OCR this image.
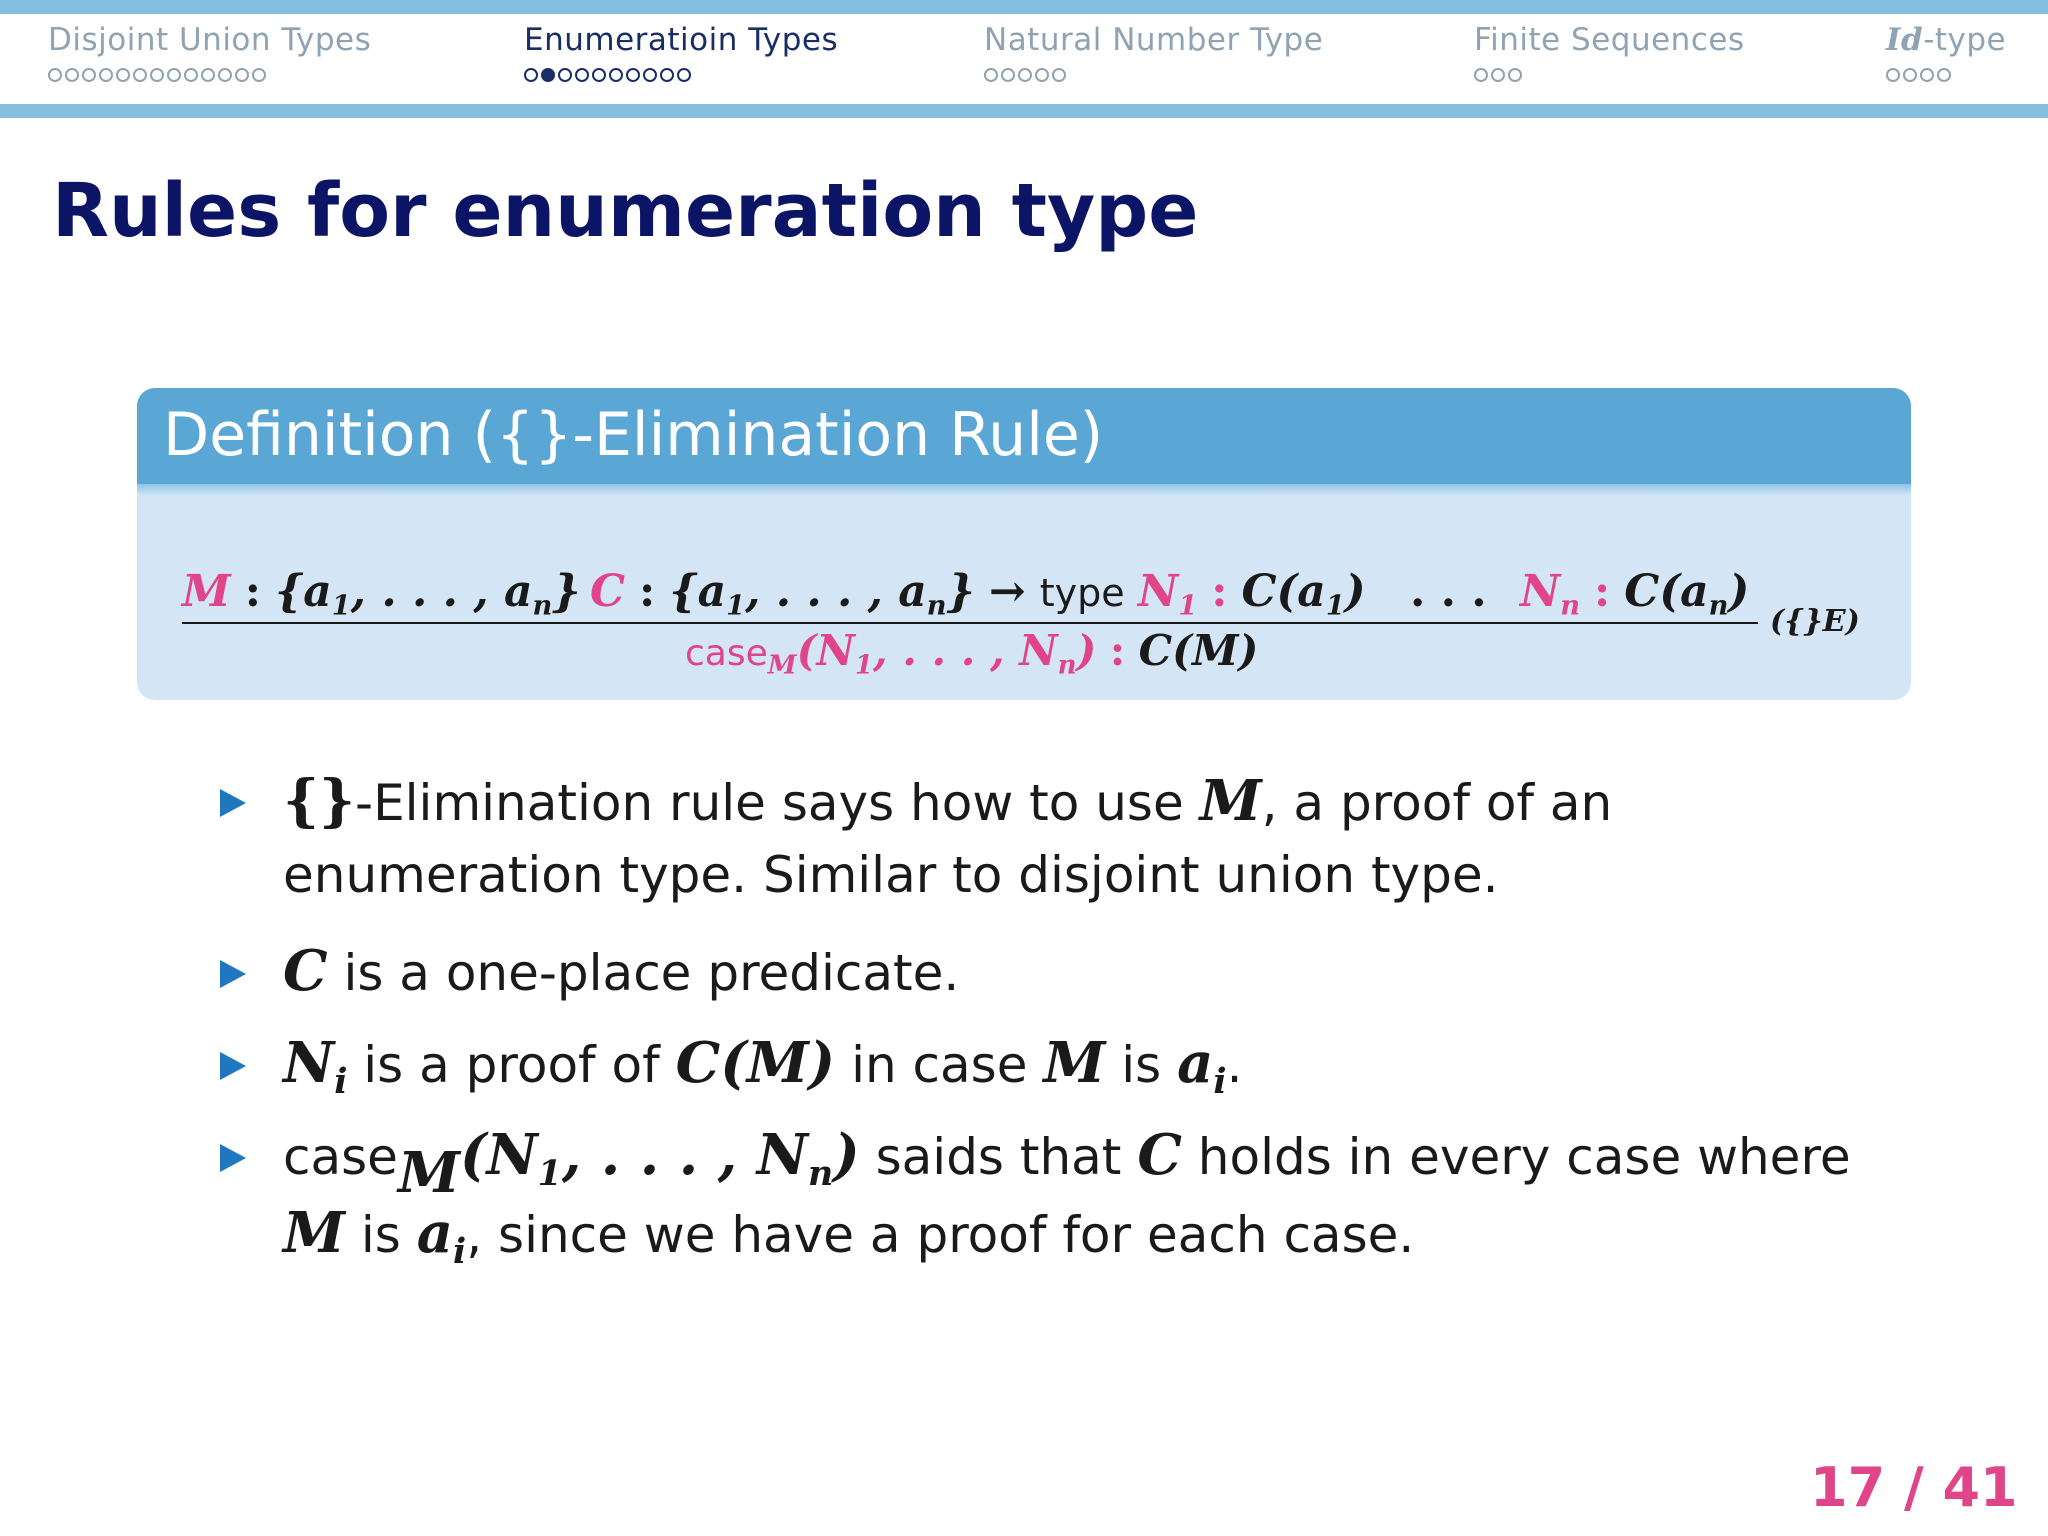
Disjoint Union Types	Enumeratioin Types	Natural Number Type	Finite Sequences	Id-type
Rules for enumeration type
Definition ({}-Elimination Rule)
M : {$a_1$, . . . , $a_n$} C : {$a_1$, . . . , $a_n$} → type $N_1$ : $C(a_1)$ . . . $N_n$ : $C(a_n)$
$case_M(N_1$, . . . , $N_n$) : C(M)
({}E)
{}-Elimination rule says how to use M, a proof of an
enumeration type. Similar to disjoint union type.
C is a one-place predicate.
$N_i$ is a proof of C(M) in case M is $a_i$.
$case_M(N_1$, . . . , $N_n$) saids that C holds in every case where
M is $a_i$, since we have a proof for each case.
17 / 41
